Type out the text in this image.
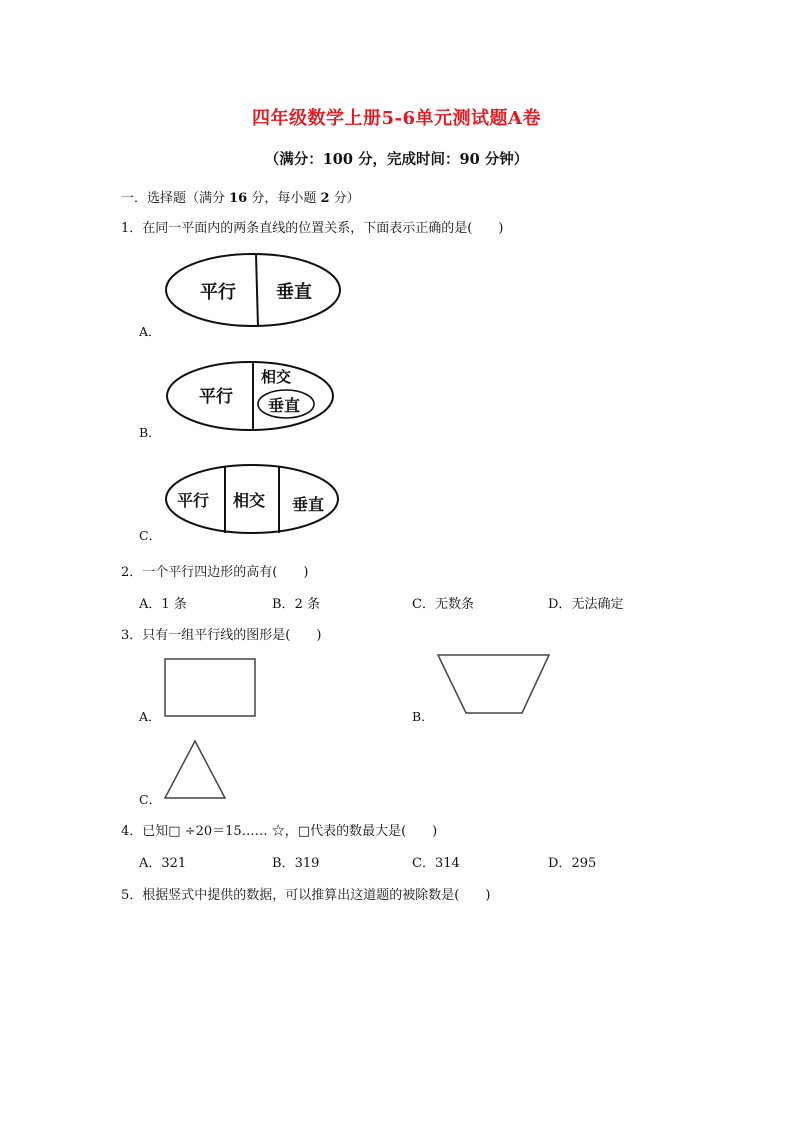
四年级数学上册5-6单元测试题A卷
（满分：100 分，完成时间：90 分钟）
一．选择题（满分 16 分，每小题 2 分）
1．在同一平面内的两条直线的位置关系，下面表示正确的是(　　)
平行 垂直
A．
平行
相交
垂直
B．
平行 相交 垂直
C．
2．一个平行四边形的高有(　　)
A．1 条	B．2 条	C．无数条	D．无法确定
3．只有一组平行线的图形是(　　)
A．	B．
C．
4．已知□ ÷20＝15…… ☆，□代表的数最大是(　　)
A．321	B．319	C．314	D．295
5．根据竖式中提供的数据，可以推算出这道题的被除数是(　　)
